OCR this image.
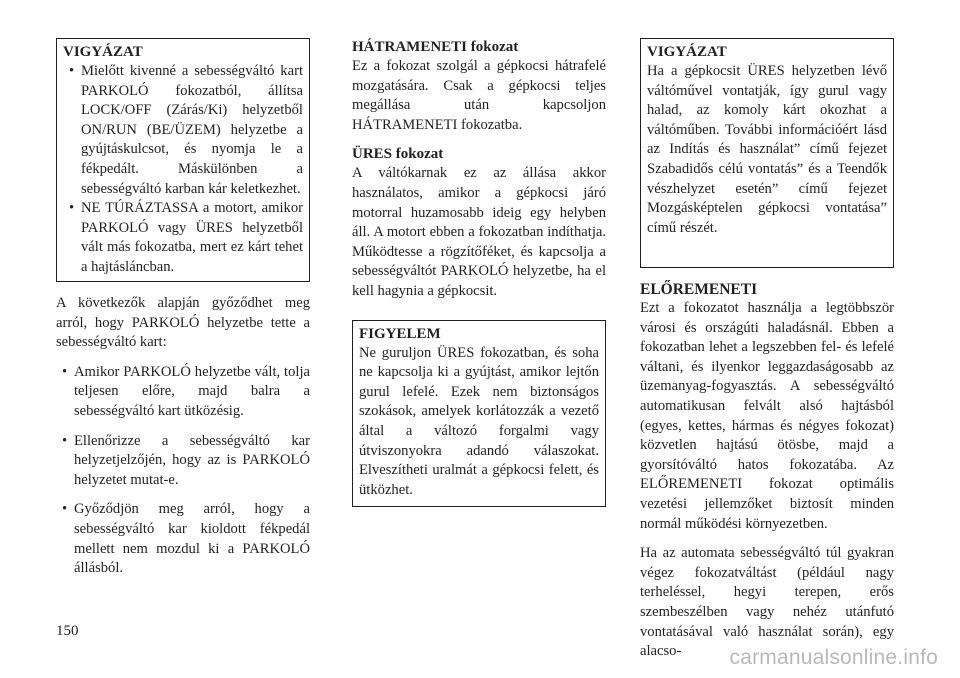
VIGYÁZAT

• Mielőtt kivenné a sebességváltó kart PARKOLÓ fokozatból, állítsa LOCK/OFF (Zárás/Ki) helyzetből ON/RUN (BE/ÜZEM) helyzetbe a gyújtáskulcsot, és nyomja le a fékpedált. Máskülönben a sebességváltó karban kár keletkezhet.

• NE TÚRÁZTASSA a motort, amikor PARKOLÓ vagy ÜRES helyzetből vált más fokozatba, mert ez kárt tehet a hajtásláncban.

A következők alapján győződhet meg arról, hogy PARKOLÓ helyzetbe tette a sebességváltó kart:

• Amikor PARKOLÓ helyzetbe vált, tolja teljesen előre, majd balra a sebességváltó kart ütközésig.

• Ellenőrizze a sebességváltó kar helyzetjelzőjén, hogy az is PARKOLÓ helyzetet mutat-e.

• Győződjön meg arról, hogy a sebességváltó kar kioldott fékpedál mellett nem mozdul ki a PARKOLÓ állásból.

HÁTRAMENETI fokozat

Ez a fokozat szolgál a gépkocsi hátrafelé mozgatására. Csak a gépkocsi teljes megállása után kapcsoljon HÁTRAMENETI fokozatba.

ÜRES fokozat

A váltókarnak ez az állása akkor használatos, amikor a gépkocsi járó motorral huzamosabb ideig egy helyben áll. A motort ebben a fokozatban indíthatja. Működtesse a rögzítőféket, és kapcsolja a sebességváltót PARKOLÓ helyzetbe, ha el kell hagynia a gépkocsit.

FIGYELEM

Ne guruljon ÜRES fokozatban, és soha ne kapcsolja ki a gyújtást, amikor lejtőn gurul lefelé. Ezek nem biztonságos szokások, amelyek korlátozzák a vezető által a változó forgalmi vagy útviszonyokra adandó válaszokat. Elveszítheti uralmát a gépkocsi felett, és ütközhet.

VIGYÁZAT

Ha a gépkocsit ÜRES helyzetben lévő váltóművel vontatják, így gurul vagy halad, az komoly kárt okozhat a váltóműben. További információért lásd az Indítás és használat” című fejezet Szabadidős célú vontatás” és a Teendők vészhelyzet esetén” című fejezet Mozgásképtelen gépkocsi vontatása” című részét.

ELŐREMENETI

Ezt a fokozatot használja a legtöbbször városi és országúti haladásnál. Ebben a fokozatban lehet a legszebben fel- és lefelé váltani, és ilyenkor leggazdaságosabb az üzemanyag-fogyasztás. A sebességváltó automatikusan felvált alsó hajtásból (egyes, kettes, hármas és négyes fokozat) közvetlen hajtású ötösbe, majd a gyorsítóváltó hatos fokozatába. Az ELŐREMENETI fokozat optimális vezetési jellemzőket biztosít minden normál működési környezetben.

Ha az automata sebességváltó túl gyakran végez fokozatváltást (például nagy terheléssel, hegyi terepen, erős szembeszélben vagy nehéz utánfutó vontatásával való használat során), egy alacso-

150
carmanualsonline.info
